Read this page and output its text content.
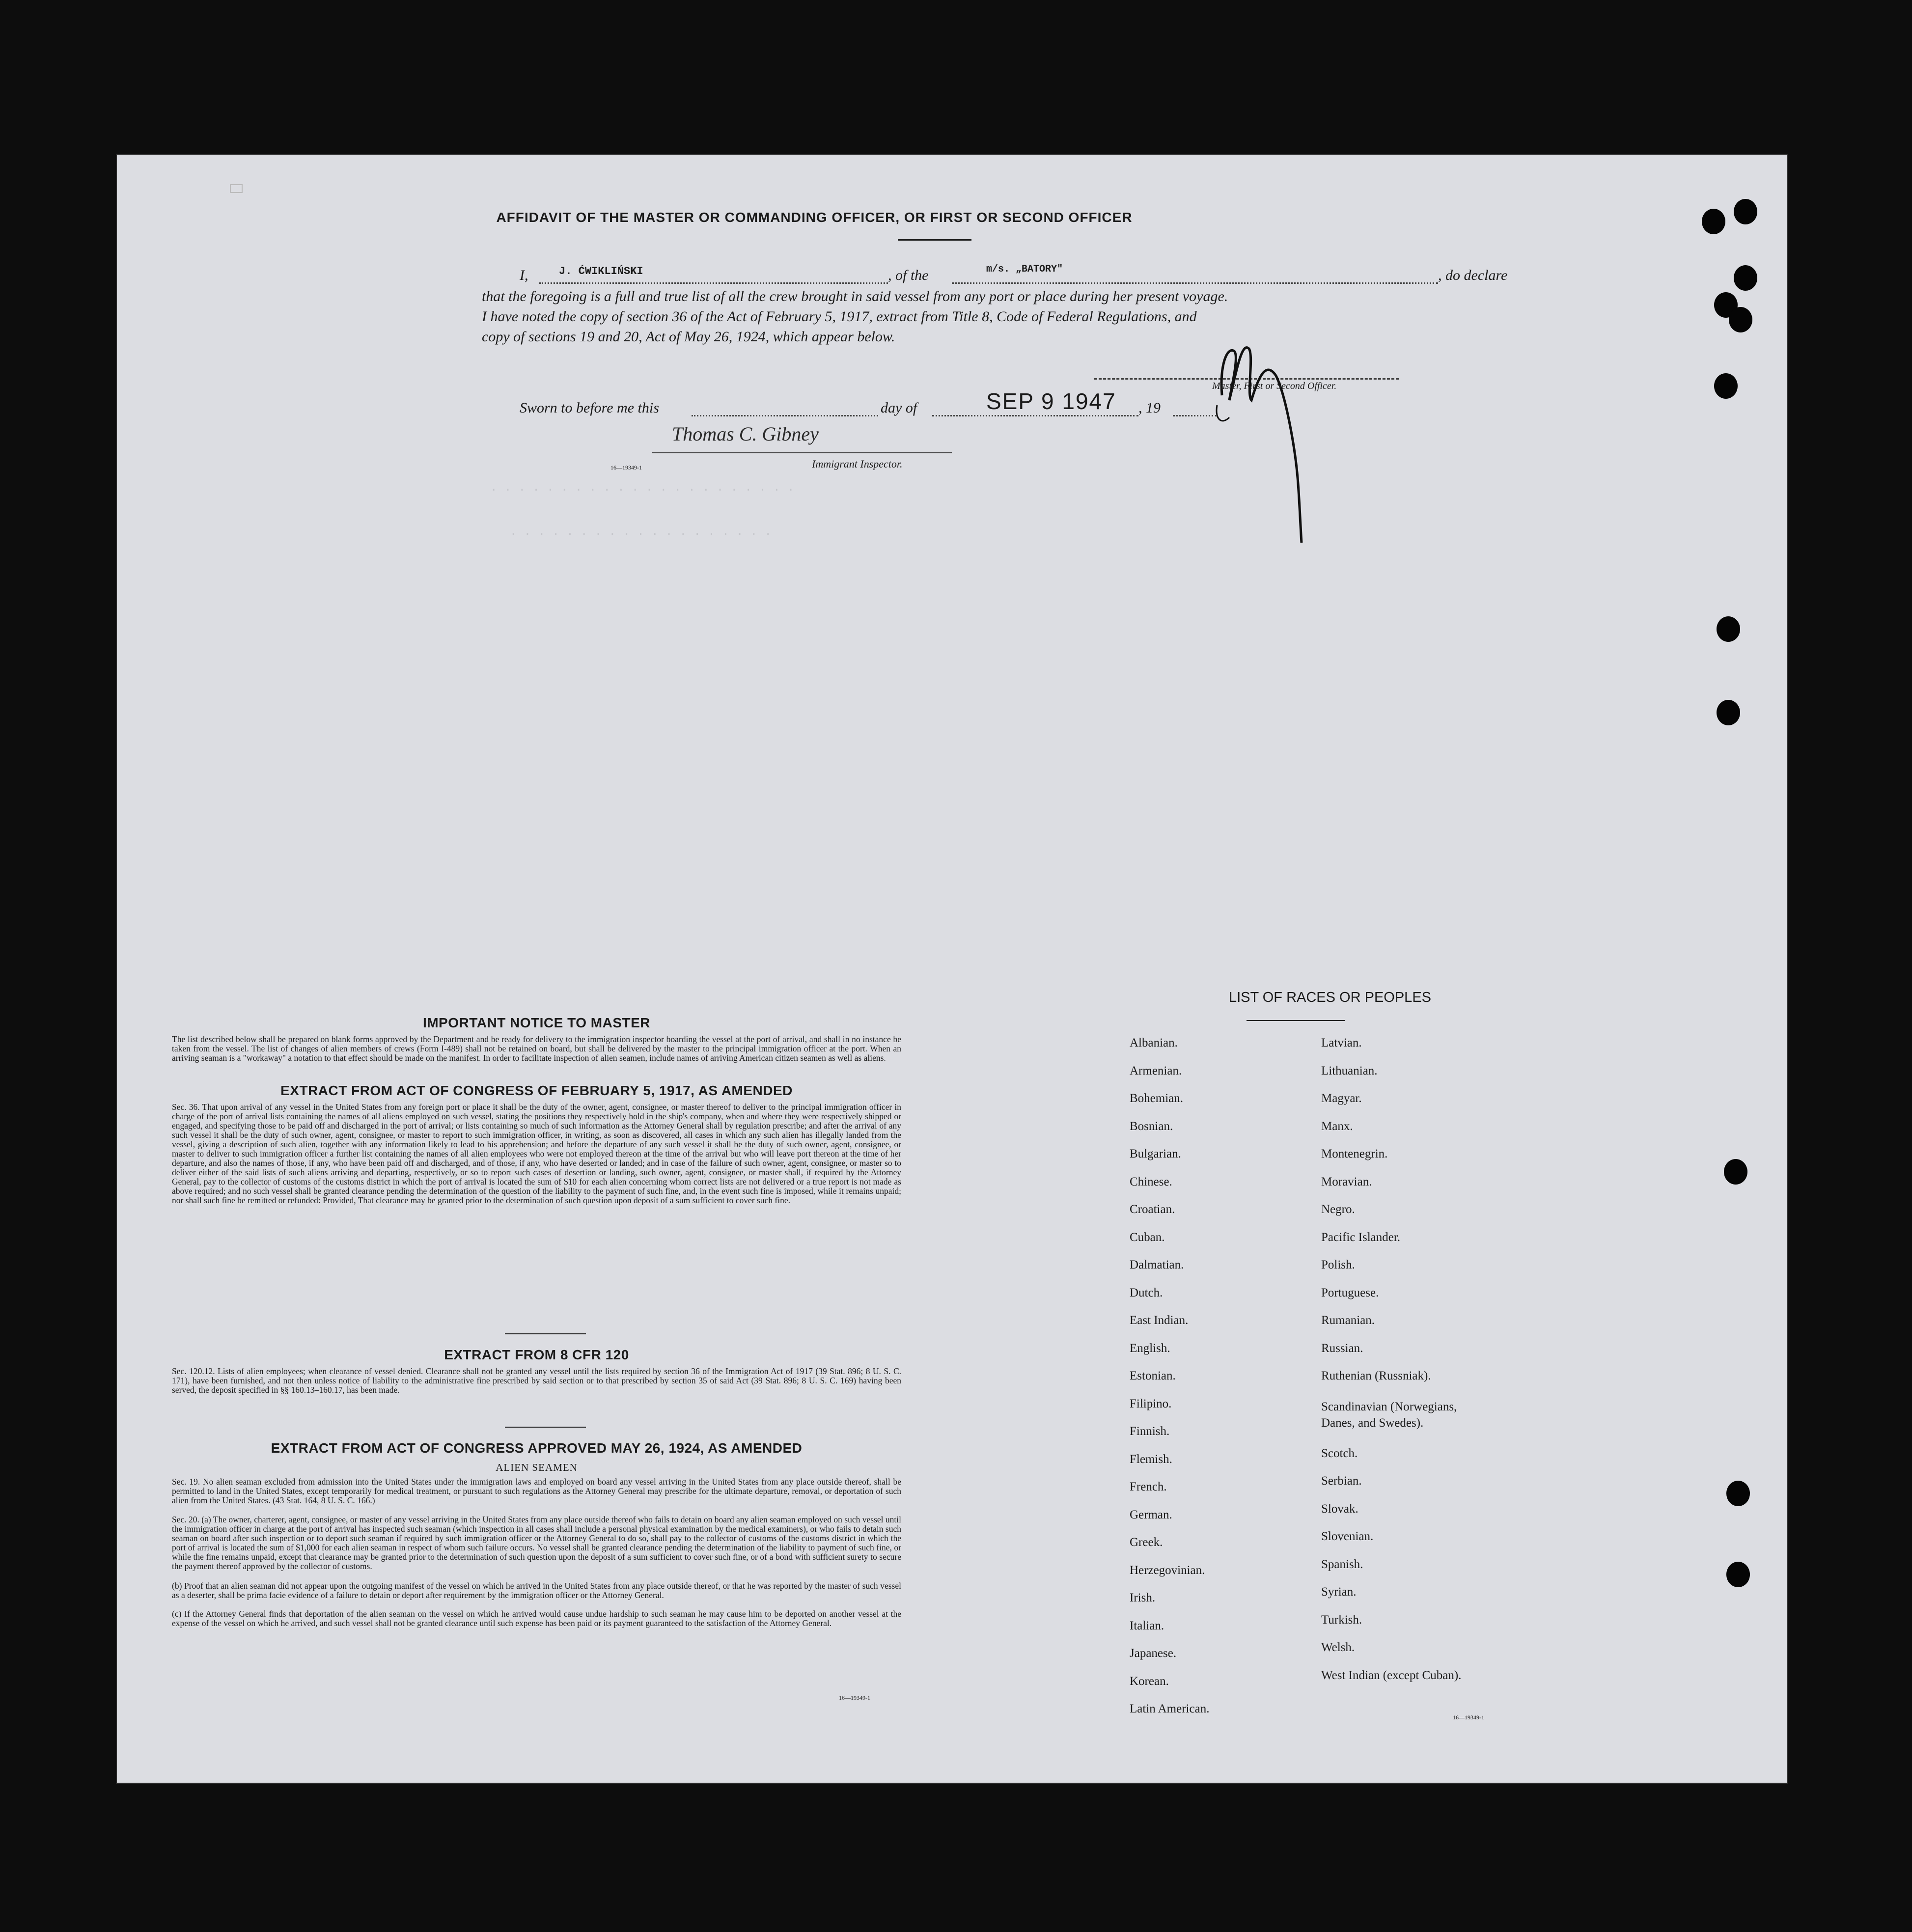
· · · · · · · · · · · · · · · · · · · · · ·
· · · · · · · · · · · · · · · · · · ·
AFFIDAVIT OF THE MASTER OR COMMANDING OFFICER, OR FIRST OR SECOND OFFICER
I,	J. ĆWIKLIŃSKI	, of the	m/s. „BATORY"	, do declare
that the foregoing is a full and true list of all the crew brought in said vessel from any port or place during her present voyage.
I have noted the copy of section 36 of the Act of February 5, 1917, extract from Title 8, Code of Federal Regulations, and
copy of sections 19 and 20, Act of May 26, 1924, which appear below.
Master, First or Second Officer.
Sworn to before me this	day of	SEP 9 1947 , 19
Thomas C. Gibney
16—19349-1	Immigrant Inspector.
IMPORTANT NOTICE TO MASTER
The list described below shall be prepared on blank forms approved by the Department and be ready for delivery to the immigration inspector boarding the vessel at the port of arrival, and shall in no instance be taken from the vessel. The list of changes of alien members of crews (Form I-489) shall not be retained on board, but shall be delivered by the master to the principal immigration officer at the port. When an arriving seaman is a "workaway" a notation to that effect should be made on the manifest. In order to facilitate inspection of alien seamen, include names of arriving American citizen seamen as well as aliens.
EXTRACT FROM ACT OF CONGRESS OF FEBRUARY 5, 1917, AS AMENDED
Sec. 36. That upon arrival of any vessel in the United States from any foreign port or place it shall be the duty of the owner, agent, consignee, or master thereof to deliver to the principal immigration officer in charge of the port of arrival lists containing the names of all aliens employed on such vessel, stating the positions they respectively hold in the ship's company, when and where they were respectively shipped or engaged, and specifying those to be paid off and discharged in the port of arrival; or lists containing so much of such information as the Attorney General shall by regulation prescribe; and after the arrival of any such vessel it shall be the duty of such owner, agent, consignee, or master to report to such immigration officer, in writing, as soon as discovered, all cases in which any such alien has illegally landed from the vessel, giving a description of such alien, together with any information likely to lead to his apprehension; and before the departure of any such vessel it shall be the duty of such owner, agent, consignee, or master to deliver to such immigration officer a further list containing the names of all alien employees who were not employed thereon at the time of the arrival but who will leave port thereon at the time of her departure, and also the names of those, if any, who have been paid off and discharged, and of those, if any, who have deserted or landed; and in case of the failure of such owner, agent, consignee, or master so to deliver either of the said lists of such aliens arriving and departing, respectively, or so to report such cases of desertion or landing, such owner, agent, consignee, or master shall, if required by the Attorney General, pay to the collector of customs of the customs district in which the port of arrival is located the sum of $10 for each alien concerning whom correct lists are not delivered or a true report is not made as above required; and no such vessel shall be granted clearance pending the determination of the question of the liability to the payment of such fine, and, in the event such fine is imposed, while it remains unpaid; nor shall such fine be remitted or refunded: Provided, That clearance may be granted prior to the determination of such question upon deposit of a sum sufficient to cover such fine.
EXTRACT FROM 8 CFR 120
Sec. 120.12. Lists of alien employees; when clearance of vessel denied. Clearance shall not be granted any vessel until the lists required by section 36 of the Immigration Act of 1917 (39 Stat. 896; 8 U. S. C. 171), have been furnished, and not then unless notice of liability to the administrative fine prescribed by said section or to that prescribed by section 35 of said Act (39 Stat. 896; 8 U. S. C. 169) having been served, the deposit specified in §§ 160.13–160.17, has been made.
EXTRACT FROM ACT OF CONGRESS APPROVED MAY 26, 1924, AS AMENDED
ALIEN SEAMEN
Sec. 19. No alien seaman excluded from admission into the United States under the immigration laws and employed on board any vessel arriving in the United States from any place outside thereof, shall be permitted to land in the United States, except temporarily for medical treatment, or pursuant to such regulations as the Attorney General may prescribe for the ultimate departure, removal, or deportation of such alien from the United States. (43 Stat. 164, 8 U. S. C. 166.)
Sec. 20. (a) The owner, charterer, agent, consignee, or master of any vessel arriving in the United States from any place outside thereof who fails to detain on board any alien seaman employed on such vessel until the immigration officer in charge at the port of arrival has inspected such seaman (which inspection in all cases shall include a personal physical examination by the medical examiners), or who fails to detain such seaman on board after such inspection or to deport such seaman if required by such immigration officer or the Attorney General to do so, shall pay to the collector of customs of the customs district in which the port of arrival is located the sum of $1,000 for each alien seaman in respect of whom such failure occurs. No vessel shall be granted clearance pending the determination of the liability to payment of such fine, or while the fine remains unpaid, except that clearance may be granted prior to the determination of such question upon the deposit of a sum sufficient to cover such fine, or of a bond with sufficient surety to secure the payment thereof approved by the collector of customs.
(b) Proof that an alien seaman did not appear upon the outgoing manifest of the vessel on which he arrived in the United States from any place outside thereof, or that he was reported by the master of such vessel as a deserter, shall be prima facie evidence of a failure to detain or deport after requirement by the immigration officer or the Attorney General.
(c) If the Attorney General finds that deportation of the alien seaman on the vessel on which he arrived would cause undue hardship to such seaman he may cause him to be deported on another vessel at the expense of the vessel on which he arrived, and such vessel shall not be granted clearance until such expense has been paid or its payment guaranteed to the satisfaction of the Attorney General.
16—19349-1
LIST OF RACES OR PEOPLES
Albanian.
Armenian.
Bohemian.
Bosnian.
Bulgarian.
Chinese.
Croatian.
Cuban.
Dalmatian.
Dutch.
East Indian.
English.
Estonian.
Filipino.
Finnish.
Flemish.
French.
German.
Greek.
Herzegovinian.
Irish.
Italian.
Japanese.
Korean.
Latin American.
Latvian.
Lithuanian.
Magyar.
Manx.
Montenegrin.
Moravian.
Negro.
Pacific Islander.
Polish.
Portuguese.
Rumanian.
Russian.
Ruthenian (Russniak).
Scandinavian (Norwegians,
Danes, and Swedes).
Scotch.
Serbian.
Slovak.
Slovenian.
Spanish.
Syrian.
Turkish.
Welsh.
West Indian (except Cuban).
16—19349-1
